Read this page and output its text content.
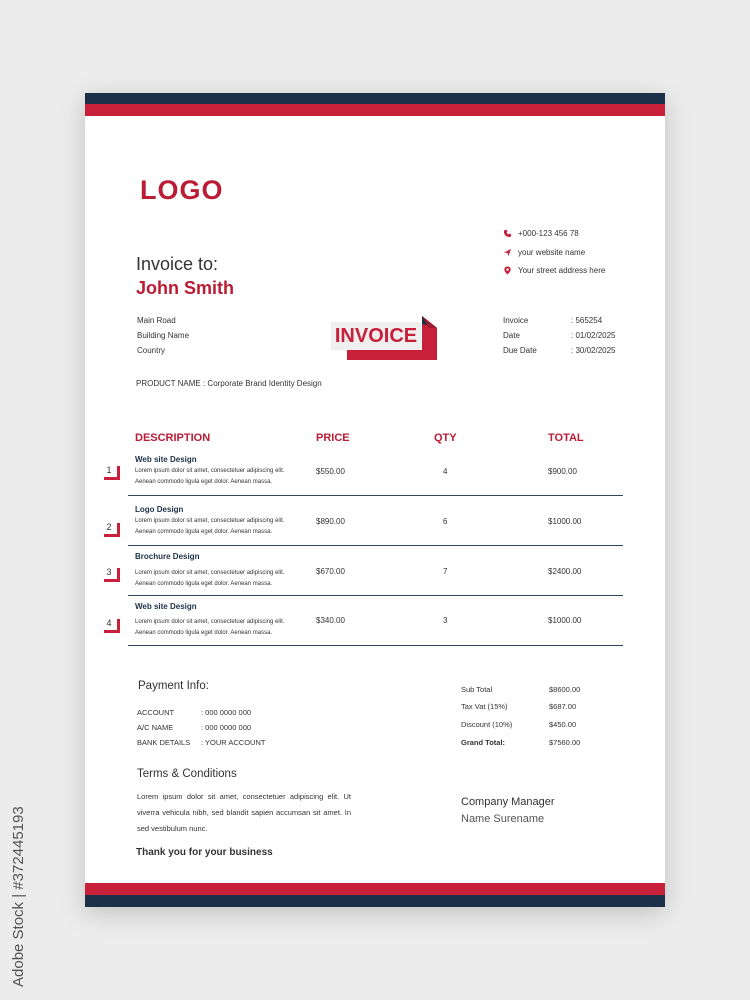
LOGO
+000-123 456 78
your website name
Your street address here
Invoice to:
John Smith
Main Road
Building Name
Country
INVOICE
Invoice	: 565254
Date	: 01/02/2025
Due Date	: 30/02/2025
PRODUCT NAME : Corporate Brand Identity Design
DESCRIPTION	PRICE	QTY	TOTAL
Web site Design
Lorem ipsum dolor sit amet, consectetuer adipiscing elit.
Aenean commodo ligula eget dolor. Aenean massa.
$550.00	4	$900.00
1
Logo Design
Lorem ipsum dolor sit amet, consectetuer adipiscing elit.
Aenean commodo ligula eget dolor. Aenean massa.
$890.00	6	$1000.00
2
Brochure Design
Lorem ipsum dolor sit amet, consectetuer adipiscing elit.
Aenean commodo ligula eget dolor. Aenean massa.
$670.00	7	$2400.00
3
Web site Design
Lorem ipsum dolor sit amet, consectetuer adipiscing elit.
Aenean commodo ligula eget dolor. Aenean massa.
$340.00	3	$1000.00
4
Payment Info:
ACCOUNT	: 000 0000 000
A/C NAME	: 000 0000 000
BANK DETAILS : YOUR ACCOUNT
Sub Total	$8600.00
Tax Vat (15%)	$687.00
Discount (10%)	$450.00
Grand Total:	$7560.00
Terms & Conditions
Lorem ipsum dolor sit amet, consectetuer adipiscing elit. Ut viverra vehicula nibh, sed blandit sapien accumsan sit amet. In sed vestibulum nunc.
Thank you for your business
Company Manager
Name Surename
Adobe Stock | #372445193
